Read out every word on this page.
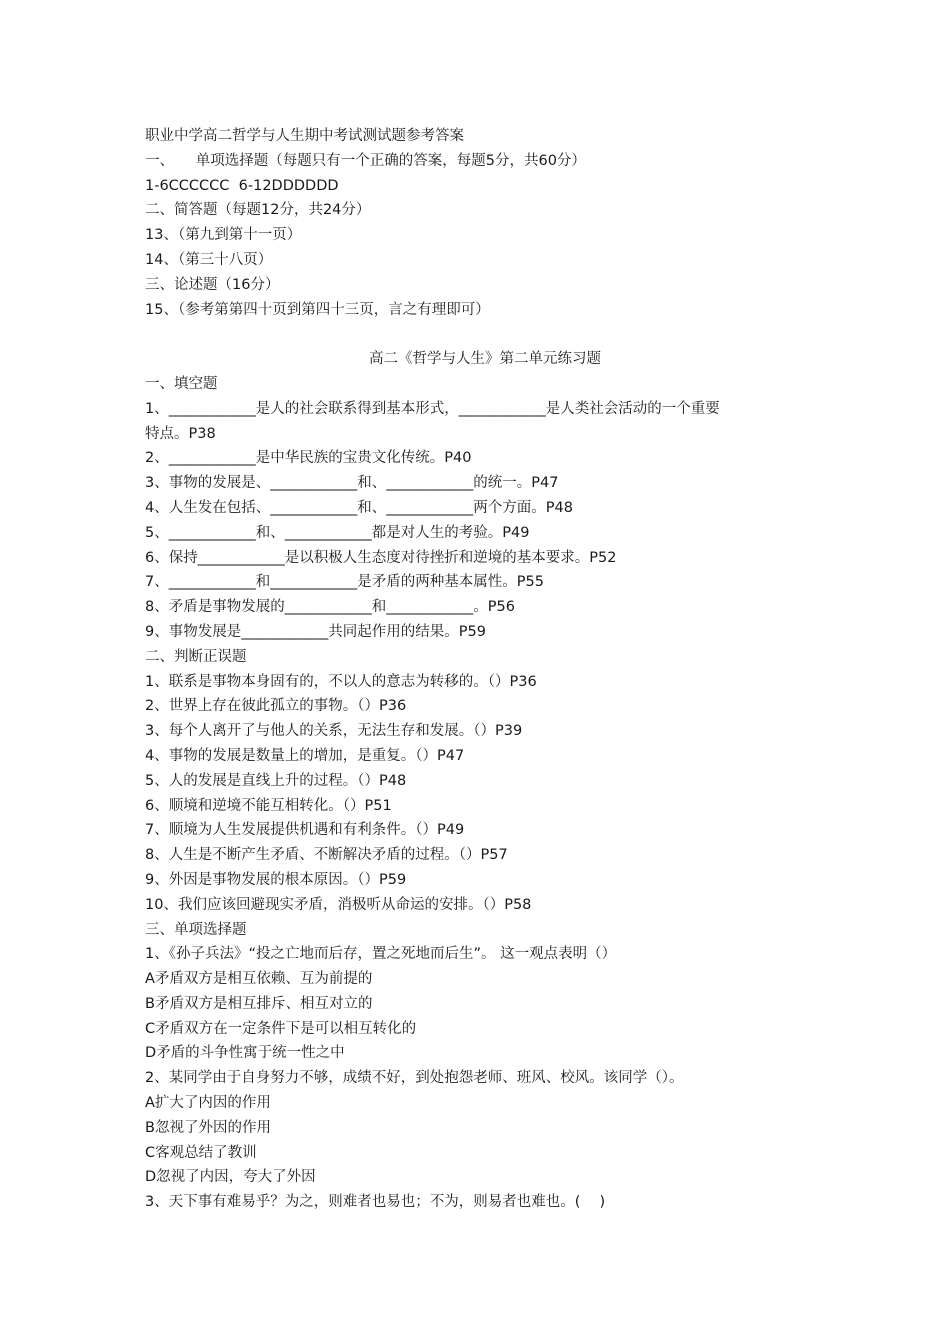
职业中学高二哲学与人生期中考试测试题参考答案
一、　　单项选择题（每题只有一个正确的答案，每题5分，共60分）
1-6CCCCCC  6-12DDDDDD
二、简答题（每题12分，共24分）
13、（第九到第十一页）
14、（第三十八页）
三、论述题（16分）
15、（参考第第四十页到第四十三页，言之有理即可）
高二《哲学与人生》第二单元练习题
一、填空题
1、____________是人的社会联系得到基本形式，____________是人类社会活动的一个重要
特点。P38
2、____________是中华民族的宝贵文化传统。P40
3、事物的发展是、____________和、____________的统一。P47
4、人生发在包括、____________和、____________两个方面。P48
5、____________和、____________都是对人生的考验。P49
6、保持____________是以积极人生态度对待挫折和逆境的基本要求。P52
7、____________和____________是矛盾的两种基本属性。P55
8、矛盾是事物发展的____________和____________。P56
9、事物发展是____________共同起作用的结果。P59
二、判断正误题
1、联系是事物本身固有的，不以人的意志为转移的。（）P36
2、世界上存在彼此孤立的事物。（）P36
3、每个人离开了与他人的关系，无法生存和发展。（）P39
4、事物的发展是数量上的增加，是重复。（）P47
5、人的发展是直线上升的过程。（）P48
6、顺境和逆境不能互相转化。（）P51
7、顺境为人生发展提供机遇和有利条件。（）P49
8、人生是不断产生矛盾、不断解决矛盾的过程。（）P57
9、外因是事物发展的根本原因。（）P59
10、我们应该回避现实矛盾，消极听从命运的安排。（）P58
三、单项选择题
1、《孙子兵法》“投之亡地而后存，置之死地而后生”。 这一观点表明（）
A矛盾双方是相互依赖、互为前提的
B矛盾双方是相互排斥、相互对立的
C矛盾双方在一定条件下是可以相互转化的
D矛盾的斗争性寓于统一性之中
2、某同学由于自身努力不够，成绩不好，到处抱怨老师、班风、校风。该同学（）。
A扩大了内因的作用
B忽视了外因的作用
C客观总结了教训
D忽视了内因，夸大了外因
3、天下事有难易乎？为之，则难者也易也；不为，则易者也难也。(　 )
